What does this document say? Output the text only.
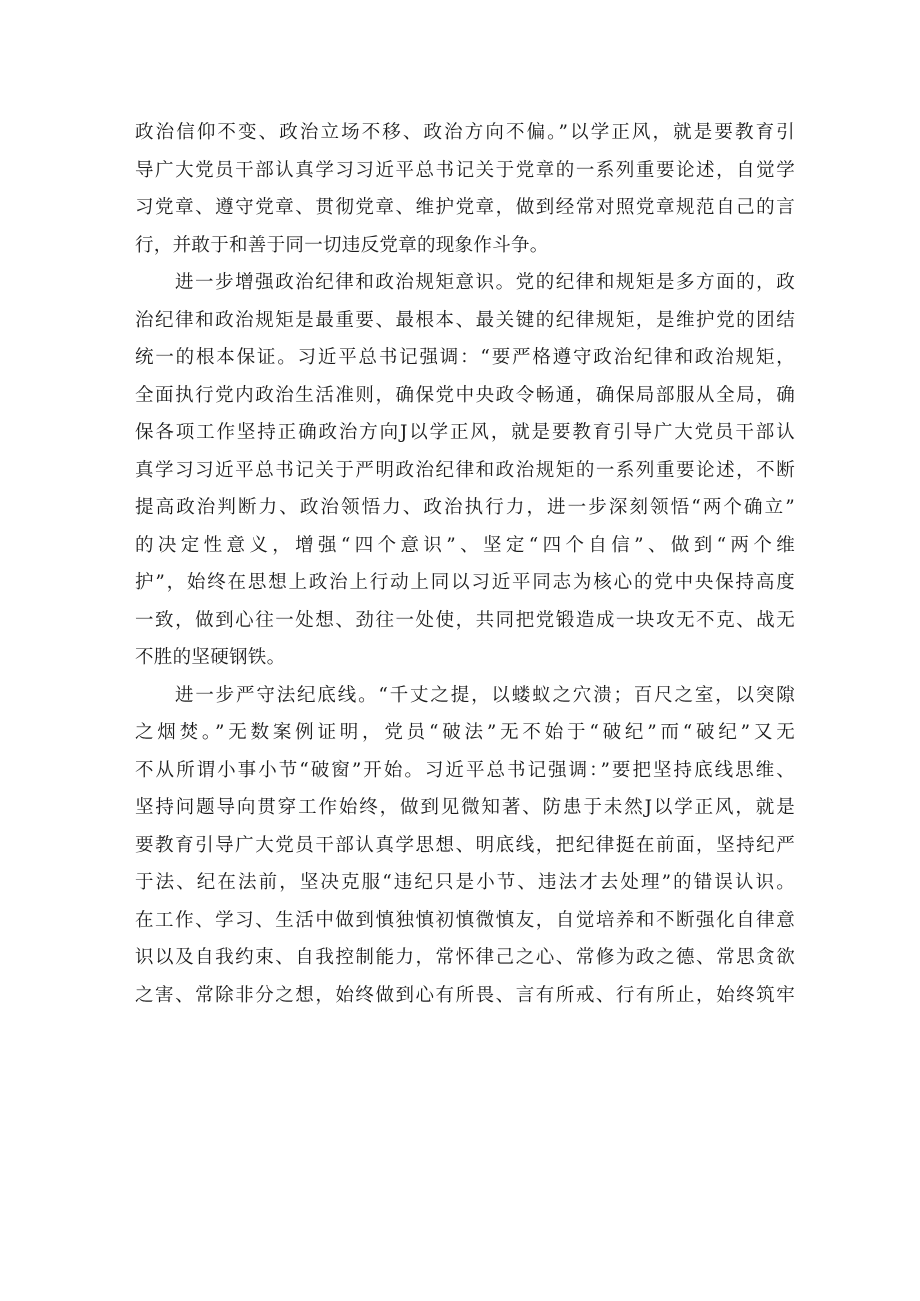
政治信仰不变、政治立场不移、政治方向不偏。”以学正风，就是要教育引
导广大党员干部认真学习习近平总书记关于党章的一系列重要论述，自觉学
习党章、遵守党章、贯彻党章、维护党章，做到经常对照党章规范自己的言
行，并敢于和善于同一切违反党章的现象作斗争。
进一步增强政治纪律和政治规矩意识。党的纪律和规矩是多方面的，政
治纪律和政治规矩是最重要、最根本、最关键的纪律规矩，是维护党的团结
统一的根本保证。习近平总书记强调：“要严格遵守政治纪律和政治规矩，
全面执行党内政治生活准则，确保党中央政令畅通，确保局部服从全局，确
保各项工作坚持正确政治方向J以学正风，就是要教育引导广大党员干部认
真学习习近平总书记关于严明政治纪律和政治规矩的一系列重要论述，不断
提高政治判断力、政治领悟力、政治执行力，进一步深刻领悟“两个确立”
的决定性意义，增强“四个意识”、坚定“四个自信”、做到“两个维
护”，始终在思想上政治上行动上同以习近平同志为核心的党中央保持高度
一致，做到心往一处想、劲往一处使，共同把党锻造成一块攻无不克、战无
不胜的坚硬钢铁。
进一步严守法纪底线。“千丈之提，以蝼蚁之穴溃；百尺之室，以突隙
之烟焚。”无数案例证明，党员“破法”无不始于“破纪”而“破纪”又无
不从所谓小事小节“破窗”开始。习近平总书记强调：”要把坚持底线思维、
坚持问题导向贯穿工作始终，做到见微知著、防患于未然J以学正风，就是
要教育引导广大党员干部认真学思想、明底线，把纪律挺在前面，坚持纪严
于法、纪在法前，坚决克服“违纪只是小节、违法才去处理”的错误认识。
在工作、学习、生活中做到慎独慎初慎微慎友，自觉培养和不断强化自律意
识以及自我约束、自我控制能力，常怀律己之心、常修为政之德、常思贪欲
之害、常除非分之想，始终做到心有所畏、言有所戒、行有所止，始终筑牢
